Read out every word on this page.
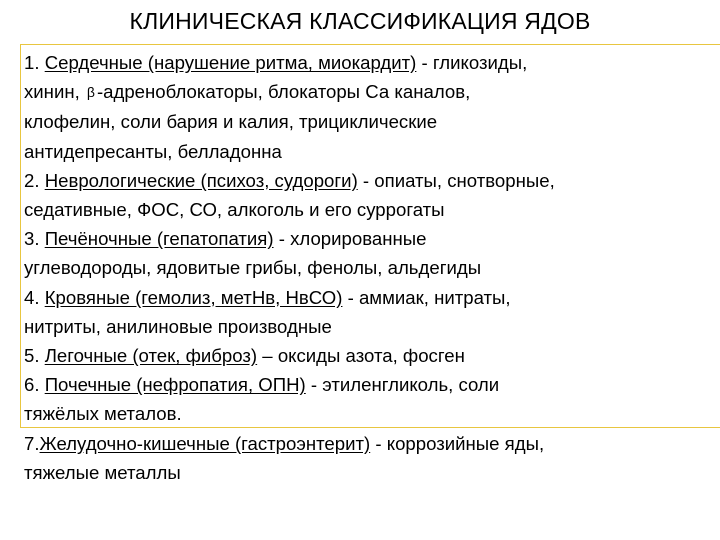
КЛИНИЧЕСКАЯ КЛАССИФИКАЦИЯ ЯДОВ
1. Сердечные (нарушение ритма, миокардит) - гликозиды,
хинин, β -адреноблокаторы, блокаторы Са каналов,
клофелин, соли бария и калия, трициклические
антидепресанты, белладонна
2. Неврологические (психоз, судороги) - опиаты, снотворные,
седативные, ФОС, СО, алкоголь и его суррогаты
3. Печёночные (гепатопатия) - хлорированные
углеводороды, ядовитые грибы, фенолы, альдегиды
4. Кровяные (гемолиз, метНв, НвСО) - аммиак, нитраты,
нитриты, анилиновые производные
5. Легочные (отек, фиброз) – оксиды азота, фосген
6. Почечные (нефропатия, ОПН) - этиленгликоль, соли
тяжёлых металов.
7.Желудочно-кишечные (гастроэнтерит) - коррозийные яды,
тяжелые металлы
